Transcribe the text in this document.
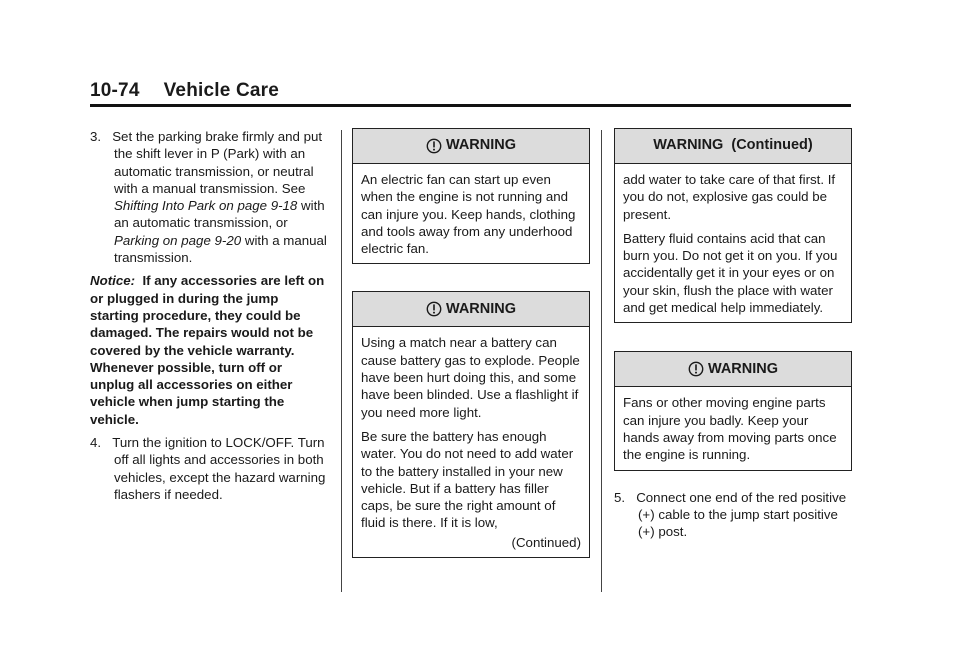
10-74 Vehicle Care

3. Set the parking brake firmly and put the shift lever in P (Park) with an automatic transmission, or neutral with a manual transmission. See Shifting Into Park on page 9-18 with an automatic transmission, or Parking on page 9-20 with a manual transmission.

Notice: If any accessories are left on or plugged in during the jump starting procedure, they could be damaged. The repairs would not be covered by the vehicle warranty. Whenever possible, turn off or unplug all accessories on either vehicle when jump starting the vehicle.

4. Turn the ignition to LOCK/OFF. Turn off all lights and accessories in both vehicles, except the hazard warning flashers if needed.

WARNING

An electric fan can start up even when the engine is not running and can injure you. Keep hands, clothing and tools away from any underhood electric fan.

WARNING

Using a match near a battery can cause battery gas to explode. People have been hurt doing this, and some have been blinded. Use a flashlight if you need more light.

Be sure the battery has enough water. You do not need to add water to the battery installed in your new vehicle. But if a battery has filler caps, be sure the right amount of fluid is there. If it is low,

(Continued)
WARNING  (Continued)

add water to take care of that first. If you do not, explosive gas could be present.

Battery fluid contains acid that can burn you. Do not get it on you. If you accidentally get it in your eyes or on your skin, flush the place with water and get medical help immediately.

WARNING

Fans or other moving engine parts can injure you badly. Keep your hands away from moving parts once the engine is running.

5. Connect one end of the red positive (+) cable to the jump start positive (+) post.
